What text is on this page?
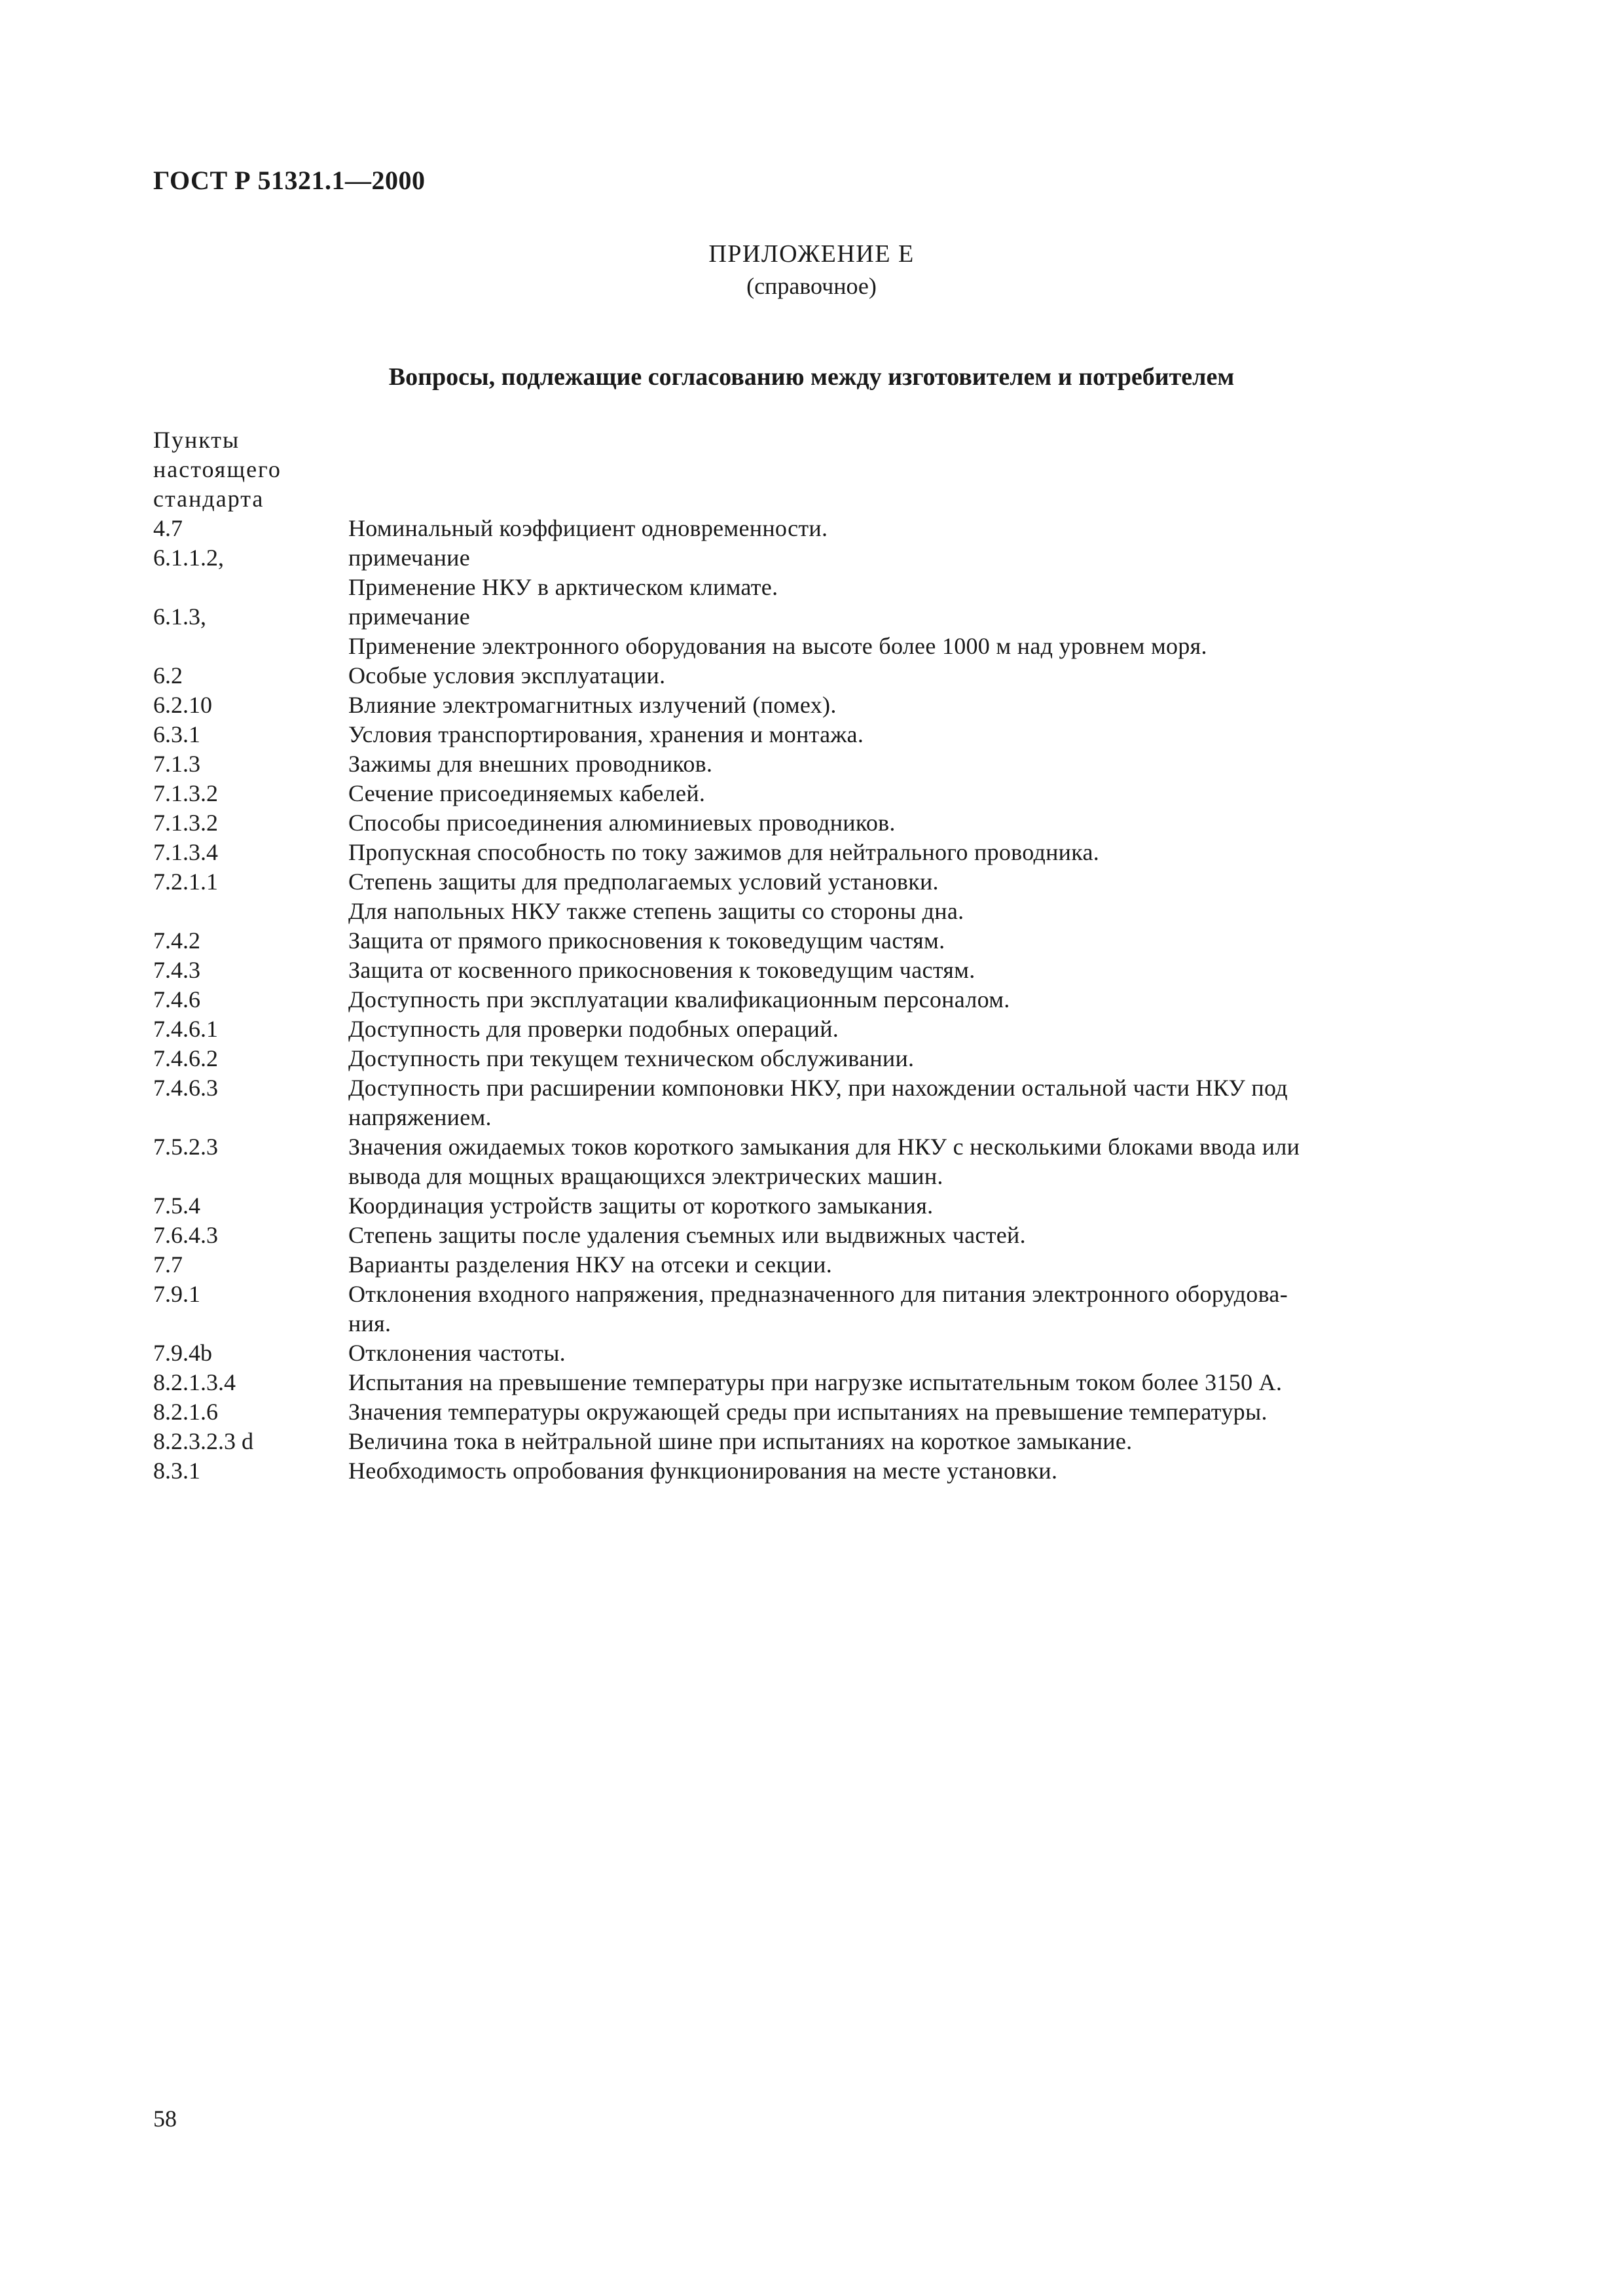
ГОСТ Р 51321.1—2000
ПРИЛОЖЕНИЕ Е
(справочное)
Вопросы, подлежащие согласованию между изготовителем и потребителем
Пункты
настоящего
стандарта
4.7	Номинальный коэффициент одновременности.
6.1.1.2,	примечание
Применение НКУ в арктическом климате.
6.1.3,	примечание
Применение электронного оборудования на высоте более 1000 м над уровнем моря.
6.2	Особые условия эксплуатации.
6.2.10	Влияние электромагнитных излучений (помех).
6.3.1	Условия транспортирования, хранения и монтажа.
7.1.3	Зажимы для внешних проводников.
7.1.3.2	Сечение присоединяемых кабелей.
7.1.3.2	Способы присоединения алюминиевых проводников.
7.1.3.4	Пропускная способность по току зажимов для нейтрального проводника.
7.2.1.1	Степень защиты для предполагаемых условий установки.
Для напольных НКУ также степень защиты со стороны дна.
7.4.2	Защита от прямого прикосновения к токоведущим частям.
7.4.3	Защита от косвенного прикосновения к токоведущим частям.
7.4.6	Доступность при эксплуатации квалификационным персоналом.
7.4.6.1	Доступность для проверки подобных операций.
7.4.6.2	Доступность при текущем техническом обслуживании.
7.4.6.3	Доступность при расширении компоновки НКУ, при нахождении остальной части НКУ под
напряжением.
7.5.2.3	Значения ожидаемых токов короткого замыкания для НКУ с несколькими блоками ввода или
вывода для мощных вращающихся электрических машин.
7.5.4	Координация устройств защиты от короткого замыкания.
7.6.4.3	Степень защиты после удаления съемных или выдвижных частей.
7.7	Варианты разделения НКУ на отсеки и секции.
7.9.1	Отклонения входного напряжения, предназначенного для питания электронного оборудова-
ния.
7.9.4b	Отклонения частоты.
8.2.1.3.4	Испытания на превышение температуры при нагрузке испытательным током более 3150 А.
8.2.1.6	Значения температуры окружающей среды при испытаниях на превышение температуры.
8.2.3.2.3 d	Величина тока в нейтральной шине при испытаниях на короткое замыкание.
8.3.1	Необходимость опробования функционирования на месте установки.
58
